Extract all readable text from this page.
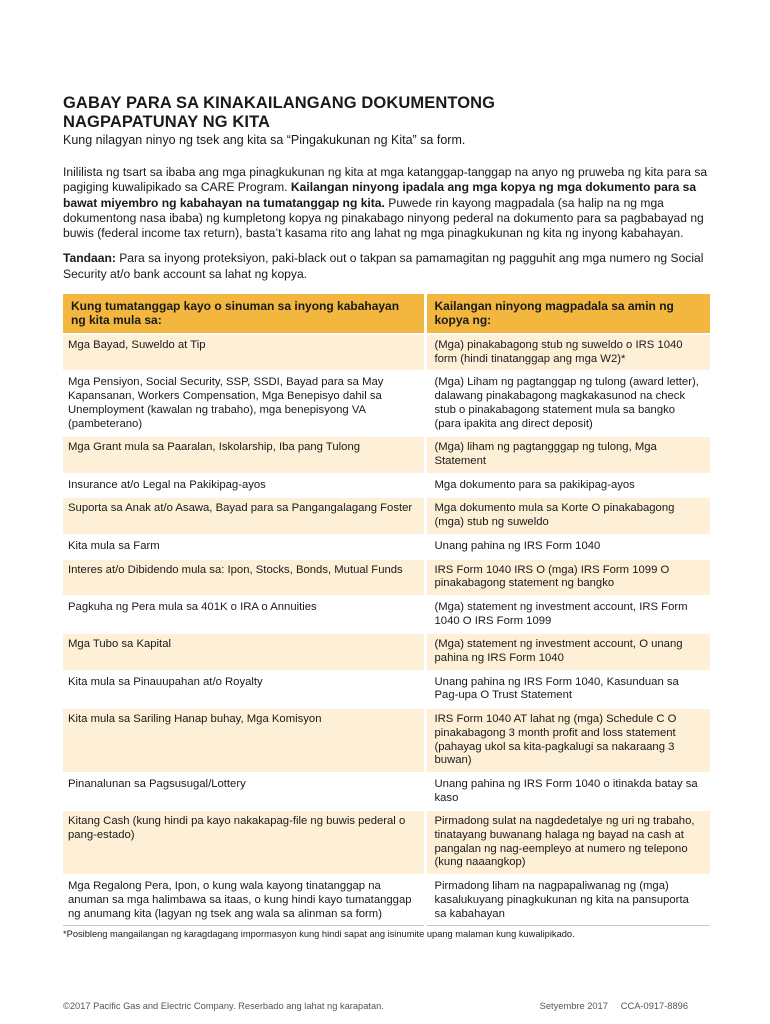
GABAY PARA SA KINAKAILANGANG DOKUMENTONG
NAGPAPATUNAY NG KITA

Kung nilagyan ninyo ng tsek ang kita sa “Pingakukunan ng Kita” sa form.

Inililista ng tsart sa ibaba ang mga pinagkukunan ng kita at mga katanggap-tanggap na anyo ng pruweba ng kita para sa pagiging kuwalipikado sa CARE Program. Kailangan ninyong ipadala ang mga kopya ng mga dokumento para sa bawat miyembro ng kabahayan na tumatanggap ng kita. Puwede rin kayong magpadala (sa halip na ng mga dokumentong nasa ibaba) ng kumpletong kopya ng pinakabago ninyong pederal na dokumento para sa pagbabayad ng buwis (federal income tax return), basta’t kasama rito ang lahat ng mga pinagkukunan ng kita ng inyong kabahayan.

Tandaan: Para sa inyong proteksiyon, paki-black out o takpan sa pamamagitan ng pagguhit ang mga numero ng Social Security at/o bank account sa lahat ng kopya.

Kung tumatanggap kayo o sinuman sa inyong kabahayan ng kita mula sa:	Kailangan ninyong magpadala sa amin ng kopya ng:
Mga Bayad, Suweldo at Tip	(Mga) pinakabagong stub ng suweldo o IRS 1040 form (hindi tinatanggap ang mga W2)*
Mga Pensiyon, Social Security, SSP, SSDI, Bayad para sa May Kapansanan, Workers Compensation, Mga Benepisyo dahil sa Unemployment (kawalan ng trabaho), mga benepisyong VA (pambeterano)	(Mga) Liham ng pagtanggap ng tulong (award letter), dalawang pinakabagong magkakasunod na check stub o pinakabagong statement mula sa bangko (para ipakita ang direct deposit)
Mga Grant mula sa Paaralan, Iskolarship, Iba pang Tulong	(Mga) liham ng pagtangggap ng tulong, Mga Statement
Insurance at/o Legal na Pakikipag-ayos	Mga dokumento para sa pakikipag-ayos
Suporta sa Anak at/o Asawa, Bayad para sa Pangangalagang Foster	Mga dokumento mula sa Korte O pinakabagong (mga) stub ng suweldo
Kita mula sa Farm	Unang pahina ng IRS Form 1040
Interes at/o Dibidendo mula sa: Ipon, Stocks, Bonds, Mutual Funds	IRS Form 1040 IRS O (mga) IRS Form 1099 O pinakabagong statement ng bangko
Pagkuha ng Pera mula sa 401K o IRA o Annuities	(Mga) statement ng investment account, IRS Form 1040 O IRS Form 1099
Mga Tubo sa Kapital	(Mga) statement ng investment account, O unang pahina ng IRS Form 1040
Kita mula sa Pinauupahan at/o Royalty	Unang pahina ng IRS Form 1040, Kasunduan sa Pag-upa O Trust Statement
Kita mula sa Sariling Hanap buhay, Mga Komisyon	IRS Form 1040 AT lahat ng (mga) Schedule C O pinakabagong 3 month profit and loss statement (pahayag ukol sa kita-pagkalugi sa nakaraang 3 buwan)
Pinanalunan sa Pagsusugal/Lottery	Unang pahina ng IRS Form 1040 o itinakda batay sa kaso
Kitang Cash (kung hindi pa kayo nakakapag-file ng buwis pederal o pang-estado)	Pirmadong sulat na nagdedetalye ng uri ng trabaho, tinatayang buwanang halaga ng bayad na cash at pangalan ng nag-eempleyo at numero ng telepono (kung naaangkop)
Mga Regalong Pera, Ipon, o kung wala kayong tinatanggap na anuman sa mga halimbawa sa itaas, o kung hindi kayo tumatanggap ng anumang kita (lagyan ng tsek ang wala sa alinman sa form)	Pirmadong liham na nagpapaliwanag ng (mga) kasalukuyang pinagkukunan ng kita na pansuporta sa kabahayan

*Posibleng mangailangan ng karagdagang impormasyon kung hindi sapat ang isinumite upang malaman kung kuwalipikado.

©2017 Pacific Gas and Electric Company. Reserbado ang lahat ng karapatan.	Setyembre 2017     CCA-0917-8896
